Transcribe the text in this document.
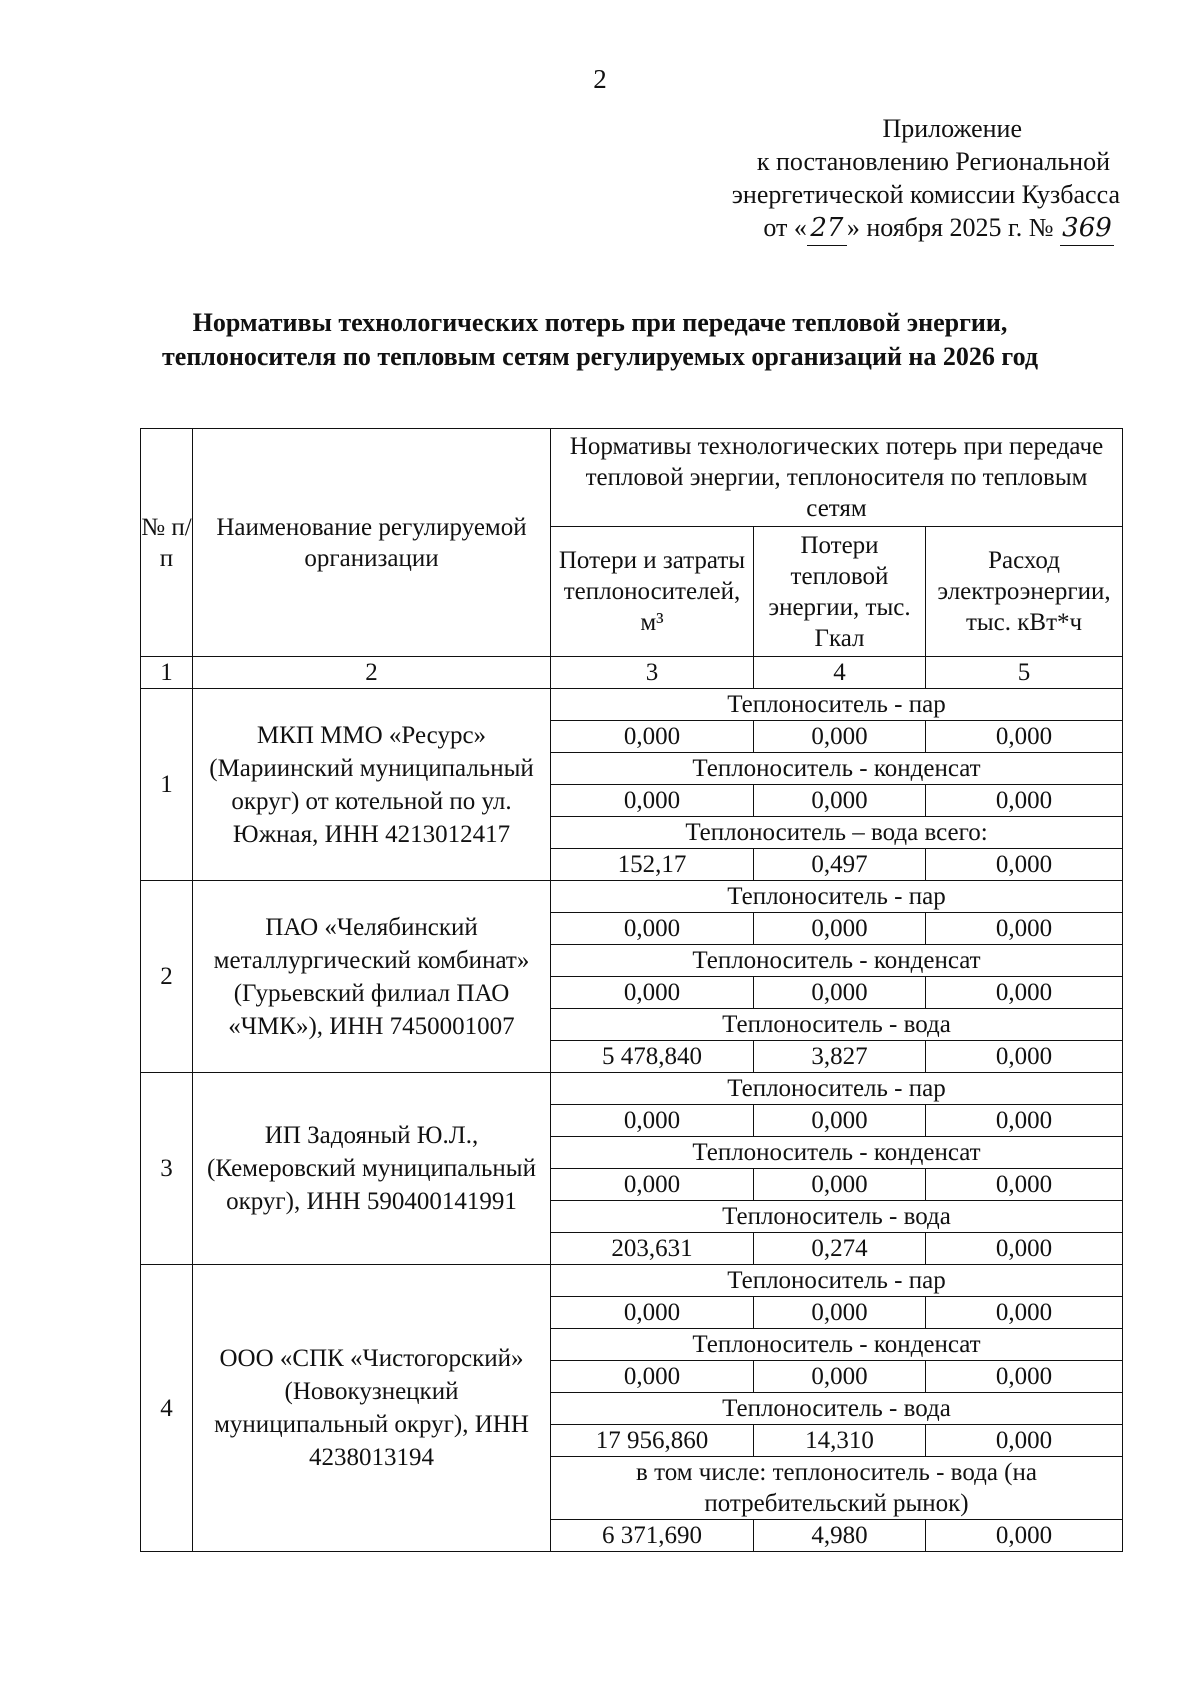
2
Приложение
к постановлению Региональной
энергетической комиссии Кузбасса
от « 27 » ноября 2025 г. № 369
Нормативы технологических потерь при передаче тепловой энергии,
теплоносителя по тепловым сетям регулируемых организаций на 2026 год
№ п/п	Наименование регулируемой организации	Нормативы технологических потерь при передаче тепловой энергии, теплоносителя по тепловым сетям		
		Потери и затраты теплоносителей, м³	Потери тепловой энергии, тыс. Гкал	Расход электроэнергии, тыс. кВт*ч
1	2	3	4	5
1	МКП ММО «Ресурс» (Мариинский муниципальный округ) от котельной по ул. Южная, ИНН 4213012417	Теплоноситель - пар		
		0,000	0,000	0,000
		Теплоноситель - конденсат		
		0,000	0,000	0,000
		Теплоноситель – вода всего:		
		152,17	0,497	0,000
2	ПАО «Челябинский металлургический комбинат» (Гурьевский филиал ПАО «ЧМК»), ИНН 7450001007	Теплоноситель - пар		
		0,000	0,000	0,000
		Теплоноситель - конденсат		
		0,000	0,000	0,000
		Теплоноситель - вода		
		5 478,840	3,827	0,000
3	ИП Задояный Ю.Л., (Кемеровский муниципальный округ), ИНН 590400141991	Теплоноситель - пар		
		0,000	0,000	0,000
		Теплоноситель - конденсат		
		0,000	0,000	0,000
		Теплоноситель - вода		
		203,631	0,274	0,000
4	ООО «СПК «Чистогорский» (Новокузнецкий муниципальный округ), ИНН 4238013194	Теплоноситель - пар		
		0,000	0,000	0,000
		Теплоноситель - конденсат		
		0,000	0,000	0,000
		Теплоноситель - вода		
		17 956,860	14,310	0,000
		в том числе: теплоноситель - вода (на потребительский рынок)		
		6 371,690	4,980	0,000
